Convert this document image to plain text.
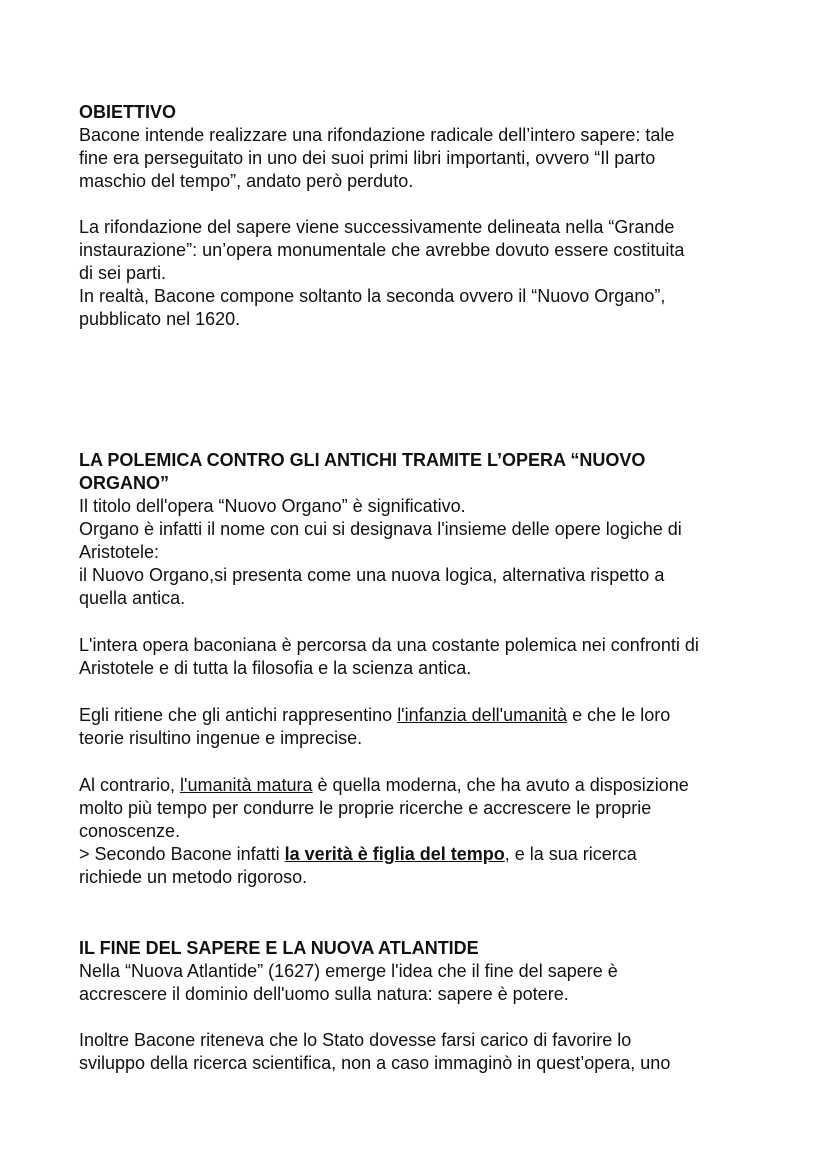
OBIETTIVO
Bacone intende realizzare una rifondazione radicale dell’intero sapere: tale
fine era perseguitato in uno dei suoi primi libri importanti, ovvero “Il parto
maschio del tempo”, andato però perduto.
La rifondazione del sapere viene successivamente delineata nella “Grande
instaurazione”: un’opera monumentale che avrebbe dovuto essere costituita
di sei parti.
In realtà, Bacone compone soltanto la seconda ovvero il “Nuovo Organo”,
pubblicato nel 1620.
LA POLEMICA CONTRO GLI ANTICHI TRAMITE L’OPERA “NUOVO
ORGANO”
Il titolo dell'opera “Nuovo Organo” è significativo.
Organo è infatti il nome con cui si designava l'insieme delle opere logiche di
Aristotele:
il Nuovo Organo,si presenta come una nuova logica, alternativa rispetto a
quella antica.
L'intera opera baconiana è percorsa da una costante polemica nei confronti di
Aristotele e di tutta la filosofia e la scienza antica.
Egli ritiene che gli antichi rappresentino l'infanzia dell'umanità e che le loro
teorie risultino ingenue e imprecise.
Al contrario, l'umanità matura è quella moderna, che ha avuto a disposizione
molto più tempo per condurre le proprie ricerche e accrescere le proprie
conoscenze.
> Secondo Bacone infatti la verità è figlia del tempo, e la sua ricerca
richiede un metodo rigoroso.
IL FINE DEL SAPERE E LA NUOVA ATLANTIDE
Nella “Nuova Atlantide” (1627) emerge l'idea che il fine del sapere è
accrescere il dominio dell'uomo sulla natura: sapere è potere.
Inoltre Bacone riteneva che lo Stato dovesse farsi carico di favorire lo
sviluppo della ricerca scientifica, non a caso immaginò in quest’opera, uno
